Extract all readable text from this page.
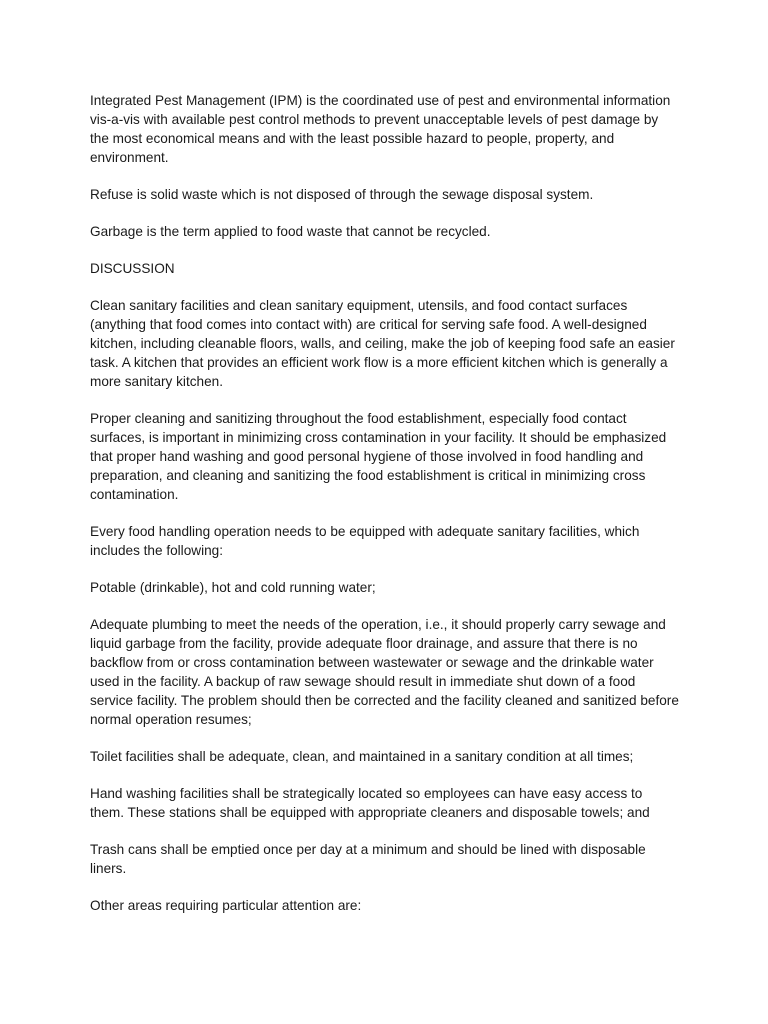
Integrated Pest Management (IPM) is the coordinated use of pest and environmental information vis-a-vis with available pest control methods to prevent unacceptable levels of pest damage by the most economical means and with the least possible hazard to people, property, and environment.

Refuse is solid waste which is not disposed of through the sewage disposal system.

Garbage is the term applied to food waste that cannot be recycled.

DISCUSSION

Clean sanitary facilities and clean sanitary equipment, utensils, and food contact surfaces (anything that food comes into contact with) are critical for serving safe food. A well-designed kitchen, including cleanable floors, walls, and ceiling, make the job of keeping food safe an easier task. A kitchen that provides an efficient work flow is a more efficient kitchen which is generally a more sanitary kitchen.

Proper cleaning and sanitizing throughout the food establishment, especially food contact surfaces, is important in minimizing cross contamination in your facility. It should be emphasized that proper hand washing and good personal hygiene of those involved in food handling and preparation, and cleaning and sanitizing the food establishment is critical in minimizing cross contamination.

Every food handling operation needs to be equipped with adequate sanitary facilities, which includes the following:

Potable (drinkable), hot and cold running water;

Adequate plumbing to meet the needs of the operation, i.e., it should properly carry sewage and liquid garbage from the facility, provide adequate floor drainage, and assure that there is no backflow from or cross contamination between wastewater or sewage and the drinkable water used in the facility. A backup of raw sewage should result in immediate shut down of a food service facility. The problem should then be corrected and the facility cleaned and sanitized before normal operation resumes;

Toilet facilities shall be adequate, clean, and maintained in a sanitary condition at all times;

Hand washing facilities shall be strategically located so employees can have easy access to them. These stations shall be equipped with appropriate cleaners and disposable towels; and

Trash cans shall be emptied once per day at a minimum and should be lined with disposable liners.

Other areas requiring particular attention are:
